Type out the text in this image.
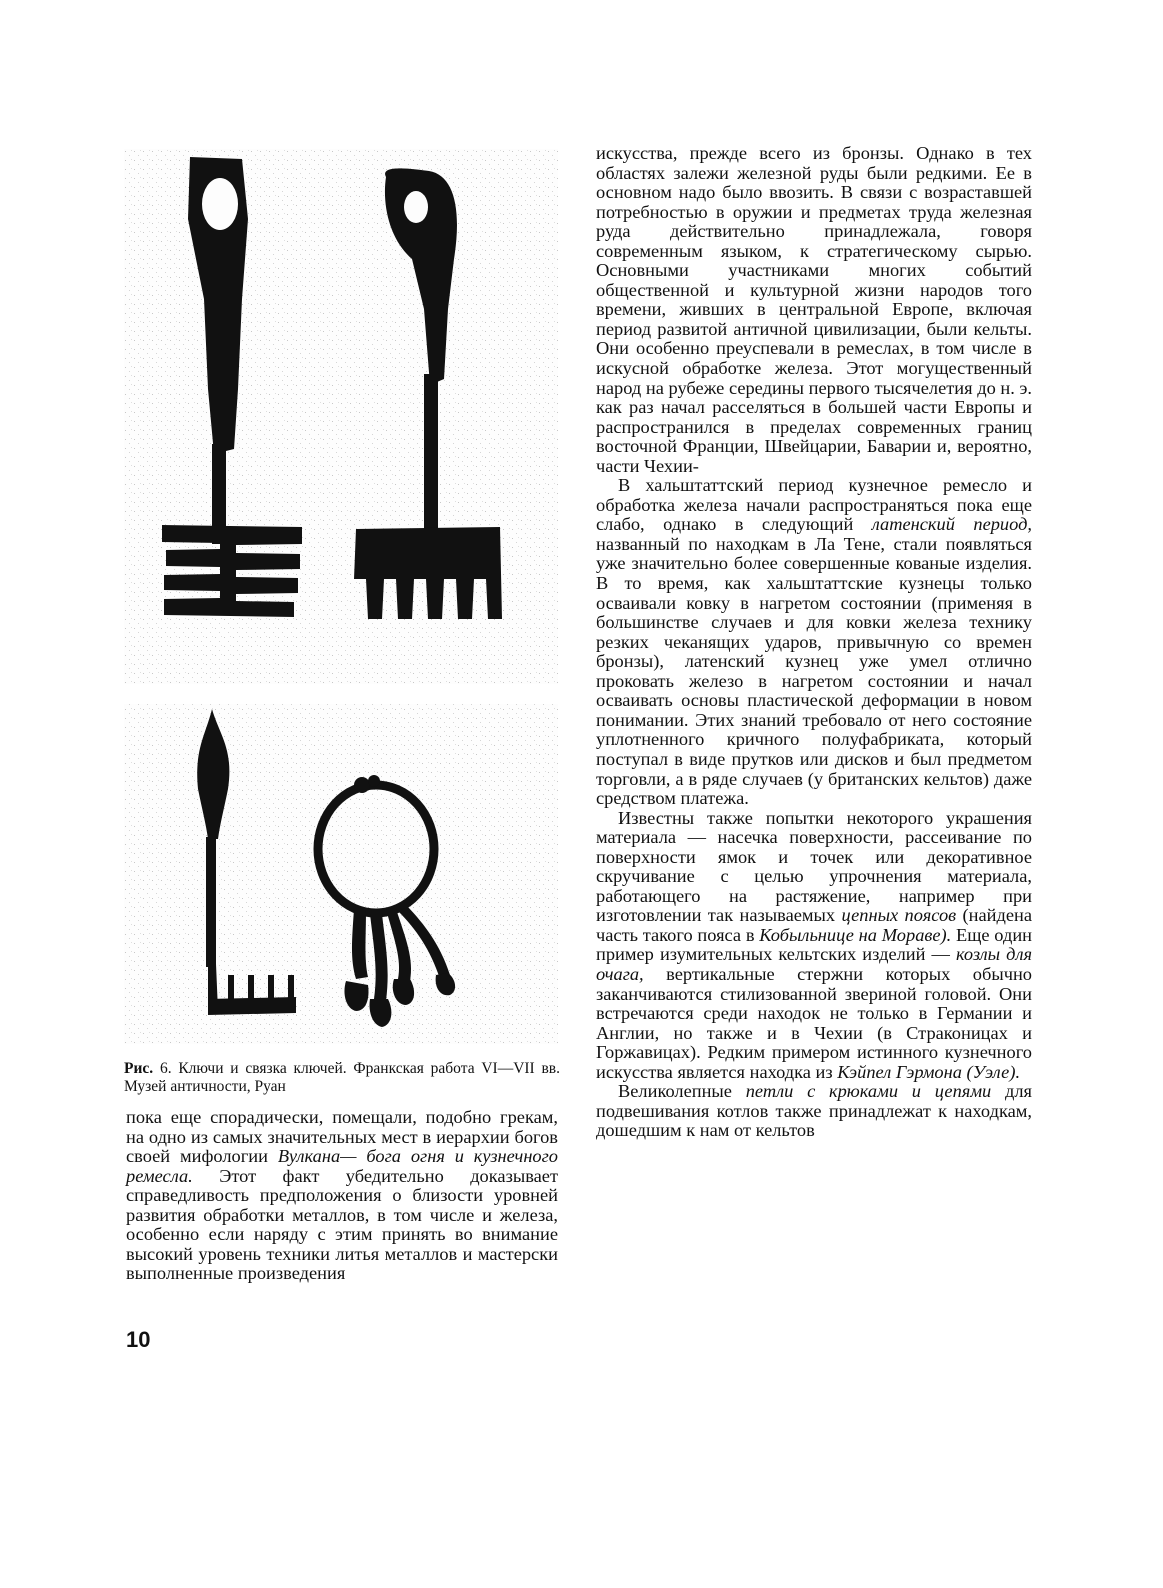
Рис. 6. Ключи и связка ключей. Франкская работа VI—VII вв. Музей античности, Руан

пока еще спорадически, помещали, подобно грекам, на одно из самых значительных мест в иерархии богов своей мифологии Вулкана— бога огня и кузнечного ремесла. Этот факт убедительно доказывает справедливость предположения о близости уровней развития обработки металлов, в том числе и железа, особенно если наряду с этим принять во внимание высокий уровень техники литья металлов и мастерски выполненные произведения

искусства, прежде всего из бронзы. Однако в тех областях залежи железной руды были редкими. Ее в основном надо было ввозить. В связи с возраставшей потребностью в оружии и предметах труда железная руда действительно принадлежала, говоря современным языком, к стратегическому сырью. Основными участниками многих событий общественной и культурной жизни народов того времени, живших в центральной Европе, включая период развитой античной цивилизации, были кельты. Они особенно преуспевали в ремеслах, в том числе в искусной обработке железа. Этот могущественный народ на рубеже середины первого тысячелетия до н. э. как раз начал расселяться в большей части Европы и распространился в пределах современных границ восточной Франции, Швейцарии, Баварии и, вероятно, части Чехии-

В хальштаттский период кузнечное ремесло и обработка железа начали распространяться пока еще слабо, однако в следующий латенский период, названный по находкам в Ла Тене, стали появляться уже значительно более совершенные кованые изделия. В то время, как хальштаттские кузнецы только осваивали ковку в нагретом состоянии (применяя в большинстве случаев и для ковки железа технику резких чеканящих ударов, привычную со времен бронзы), латенский кузнец уже умел отлично проковать железо в нагретом состоянии и начал осваивать основы пластической деформации в новом понимании. Этих знаний требовало от него состояние уплотненного кричного полуфабриката, который поступал в виде прутков или дисков и был предметом торговли, а в ряде случаев (у британских кельтов) даже средством платежа.

Известны также попытки некоторого украшения материала — насечка поверхности, рассеивание по поверхности ямок и точек или декоративное скручивание с целью упрочнения материала, работающего на растяжение, например при изготовлении так называемых цепных поясов (найдена часть такого пояса в Кобыльнице на Мораве). Еще один пример изумительных кельтских изделий — козлы для очага, вертикальные стержни которых обычно заканчиваются стилизованной звериной головой. Они встречаются среди находок не только в Германии и Англии, но также и в Чехии (в Страконицах и Горжавицах). Редким примером истинного кузнечного искусства является находка из Кэйпел Гэрмона (Уэле).

Великолепные петли с крюками и цепями для подвешивания котлов также принадлежат к находкам, дошедшим к нам от кельтов

10
